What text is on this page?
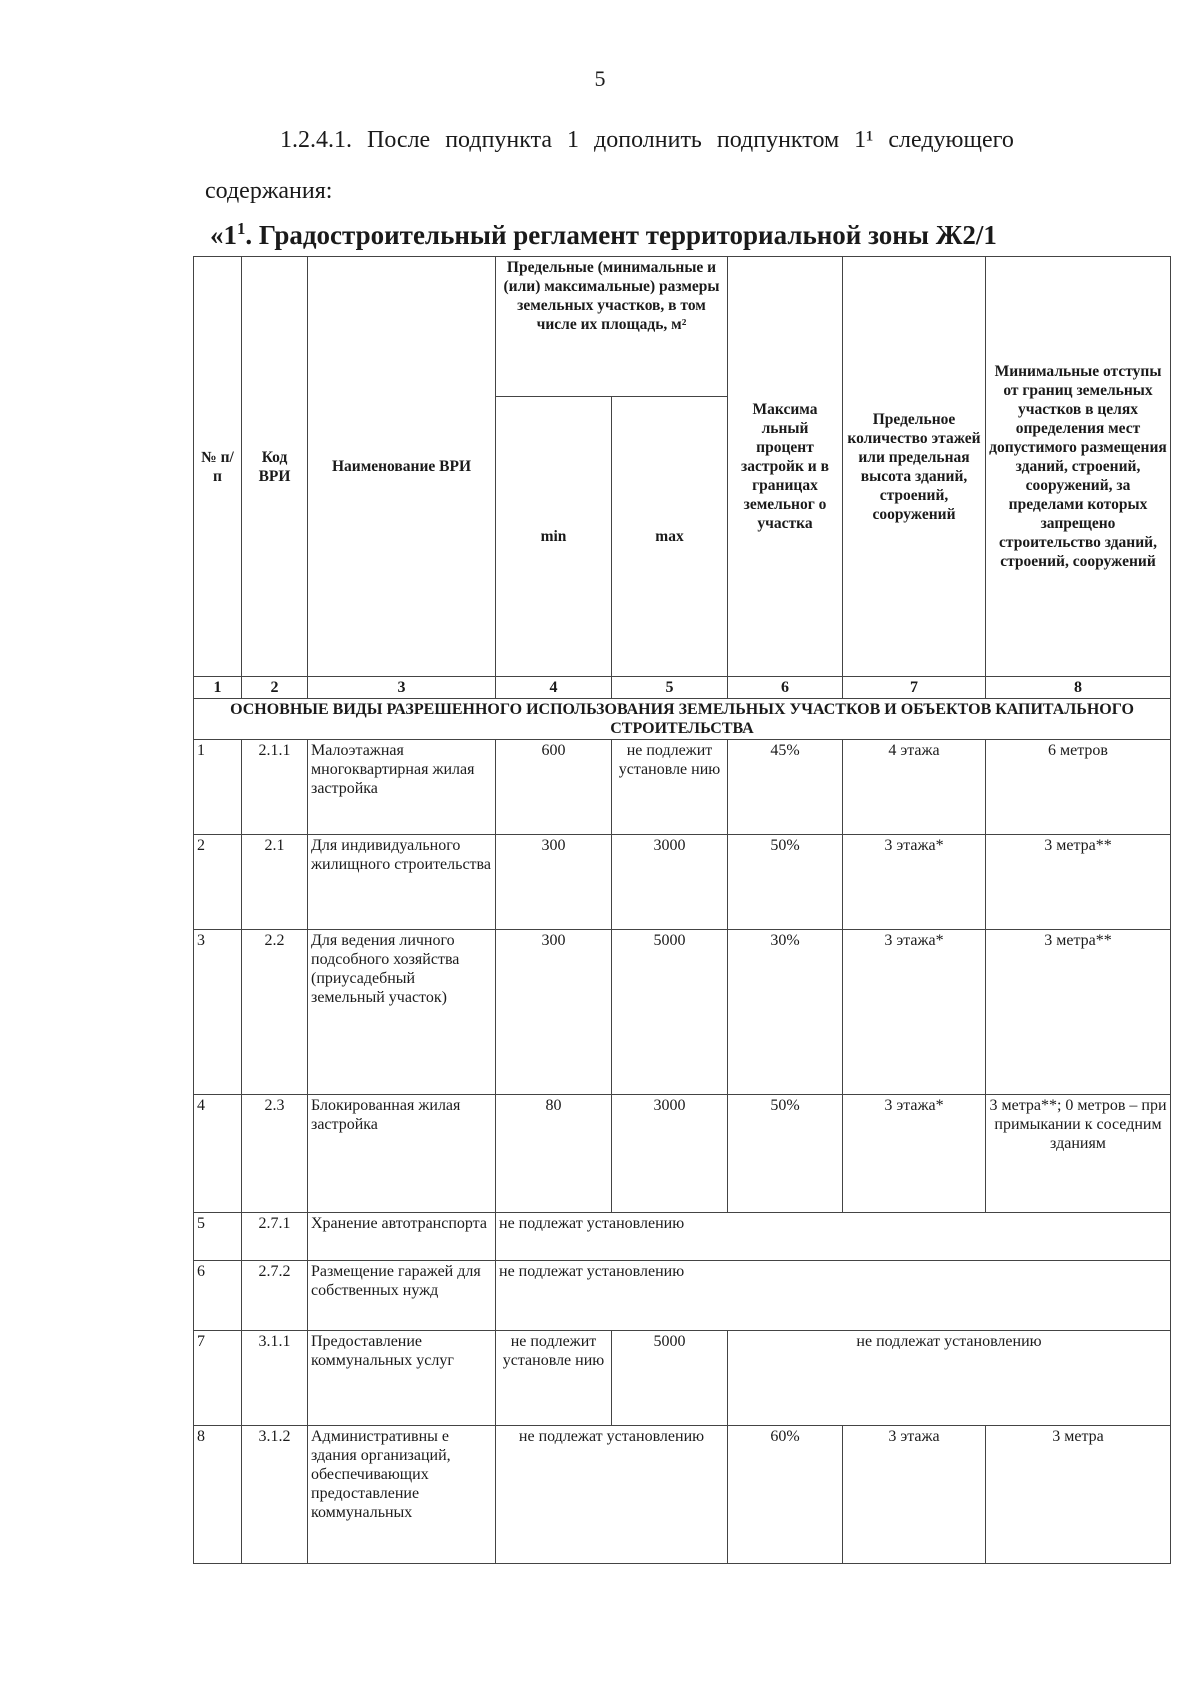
5
1.2.4.1. После подпункта 1 дополнить подпунктом 1¹ следующего
содержания:
«$1^1$. Градостроительный регламент территориальной зоны Ж2/1
№ п/п	Код ВРИ	Наименование ВРИ	Предельные (минимальные и (или) максимальные) размеры земельных участков, в том числе их площадь, м²		Максима льный процент застройк и в границах земельног о участка	Предельное количество этажей или предельная высота зданий, строений, сооружений	Минимальные отступы от границ земельных участков в целях определения мест допустимого размещения зданий, строений, сооружений, за пределами которых запрещено строительство зданий, строений, сооружений
			min	max			
1	2	3	4	5	6	7	8
ОСНОВНЫЕ ВИДЫ РАЗРЕШЕННОГО ИСПОЛЬЗОВАНИЯ ЗЕМЕЛЬНЫХ УЧАСТКОВ И ОБЪЕКТОВ КАПИТАЛЬНОГО СТРОИТЕЛЬСТВА							
1	2.1.1	Малоэтажная многоквартирная жилая застройка	600	не подлежит установле нию	45%	4 этажа	6 метров
2	2.1	Для индивидуального жилищного строительства	300	3000	50%	3 этажа*	3 метра**
3	2.2	Для ведения личного подсобного хозяйства (приусадебный земельный участок)	300	5000	30%	3 этажа*	3 метра**
4	2.3	Блокированная жилая застройка	80	3000	50%	3 этажа*	3 метра**; 0 метров – при примыкании к соседним зданиям
5	2.7.1	Хранение автотранспорта	не подлежат установлению				
6	2.7.2	Размещение гаражей для собственных нужд	не подлежат установлению				
7	3.1.1	Предоставление коммунальных услуг	не подлежит установле нию	5000	не подлежат установлению		
8	3.1.2	Административны е здания организаций, обеспечивающих предоставление коммунальных	не подлежат установлению		60%	3 этажа	3 метра
